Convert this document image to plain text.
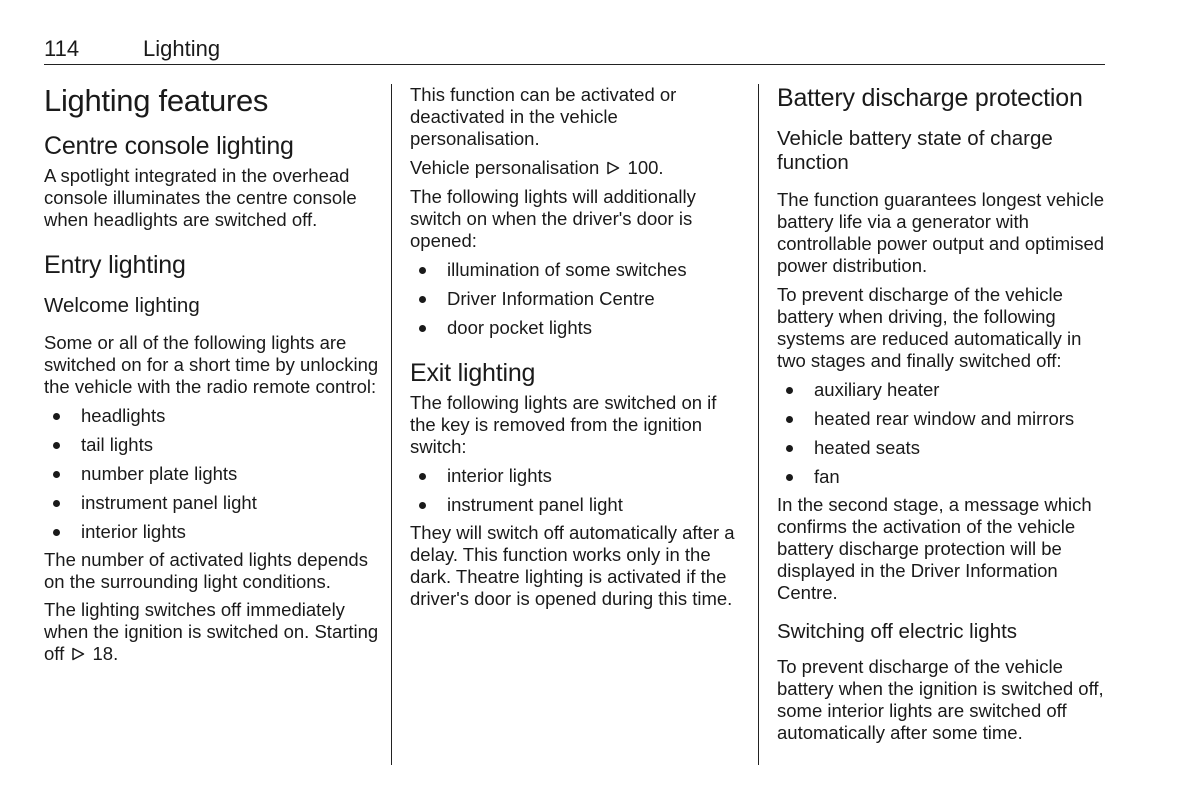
114	Lighting
Lighting features
Centre console lighting

A spotlight integrated in the overhead console illuminates the centre console when headlights are switched off.

Entry lighting
Welcome lighting

Some or all of the following lights are switched on for a short time by unlocking the vehicle with the radio remote control:

headlights
tail lights
number plate lights
instrument panel light
interior lights

The number of activated lights depends on the surrounding light conditions.

The lighting switches off immediately when the ignition is switched on. Starting off 18.

This function can be activated or deactivated in the vehicle personalisation.

Vehicle personalisation 100.

The following lights will additionally switch on when the driver's door is opened:

illumination of some switches
Driver Information Centre
door pocket lights
Exit lighting

The following lights are switched on if the key is removed from the ignition switch:

interior lights
instrument panel light

They will switch off automatically after a delay. This function works only in the dark. Theatre lighting is activated if the driver's door is opened during this time.

Battery discharge protection
Vehicle battery state of charge function

The function guarantees longest vehicle battery life via a generator with controllable power output and optimised power distribution.

To prevent discharge of the vehicle battery when driving, the following systems are reduced automatically in two stages and finally switched off:

auxiliary heater
heated rear window and mirrors
heated seats
fan

In the second stage, a message which confirms the activation of the vehicle battery discharge protection will be displayed in the Driver Information Centre.

Switching off electric lights

To prevent discharge of the vehicle battery when the ignition is switched off, some interior lights are switched off automatically after some time.
